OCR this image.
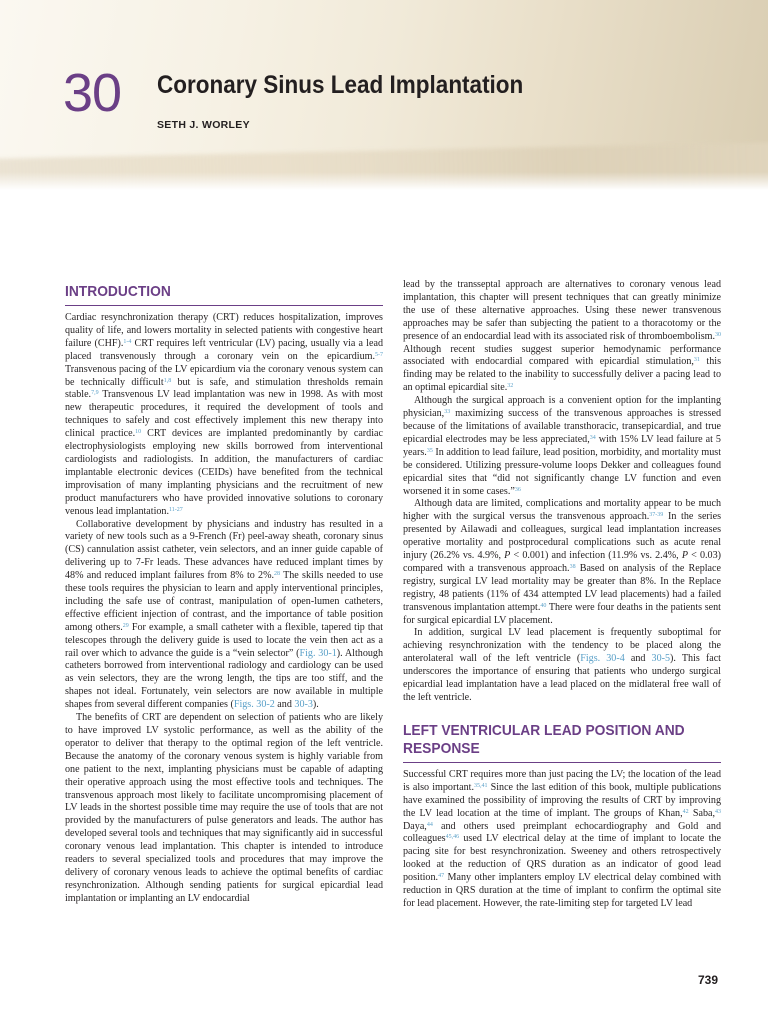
30 Coronary Sinus Lead Implantation
SETH J. WORLEY
INTRODUCTION

Cardiac resynchronization therapy (CRT) reduces hospitalization, improves quality of life, and lowers mortality in selected patients with congestive heart failure (CHF).$^{1-4}$ CRT requires left ventricular (LV) pacing, usually via a lead placed transvenously through a coronary vein on the epicardium.$^{5-7}$ Transvenous pacing of the LV epicardium via the coronary venous system can be technically difficult$^{1,8}$ but is safe, and stimulation thresholds remain stable.$^{7,9}$ Transvenous LV lead implantation was new in 1998. As with most new therapeutic procedures, it required the development of tools and techniques to safely and cost effectively implement this new therapy into clinical practice.$^{10}$ CRT devices are implanted predominantly by cardiac electrophysiologists employing new skills borrowed from interventional cardiologists and radiologists. In addition, the manufacturers of cardiac implantable electronic devices (CEIDs) have benefited from the technical improvisation of many implanting physicians and the recruitment of new product manufacturers who have provided innovative solutions to coronary venous lead implantation.$^{11-27}$

Collaborative development by physicians and industry has resulted in a variety of new tools such as a 9-French (Fr) peel-away sheath, coronary sinus (CS) cannulation assist catheter, vein selectors, and an inner guide capable of delivering up to 7-Fr leads. These advances have reduced implant times by 48% and reduced implant failures from 8% to 2%.$^{28}$ The skills needed to use these tools requires the physician to learn and apply interventional principles, including the safe use of contrast, manipulation of open-lumen catheters, effective efficient injection of contrast, and the importance of table position among others.$^{29}$ For example, a small catheter with a flexible, tapered tip that telescopes through the delivery guide is used to locate the vein then act as a rail over which to advance the guide is a “vein selector” (Fig. 30-1). Although catheters borrowed from interventional radiology and cardiology can be used as vein selectors, they are the wrong length, the tips are too stiff, and the shapes not ideal. Fortunately, vein selectors are now available in multiple shapes from several different companies (Figs. 30-2 and 30-3).

The benefits of CRT are dependent on selection of patients who are likely to have improved LV systolic performance, as well as the ability of the operator to deliver that therapy to the optimal region of the left ventricle. Because the anatomy of the coronary venous system is highly variable from one patient to the next, implanting physicians must be capable of adapting their operative approach using the most effective tools and techniques. The transvenous approach most likely to facilitate uncompromising placement of LV leads in the shortest possible time may require the use of tools that are not provided by the manufacturers of pulse generators and leads. The author has developed several tools and techniques that may significantly aid in successful coronary venous lead implantation. This chapter is intended to introduce readers to several specialized tools and procedures that may improve the delivery of coronary venous leads to achieve the optimal benefits of cardiac resynchronization. Although sending patients for surgical epicardial lead implantation or implanting an LV endocardial

lead by the transseptal approach are alternatives to coronary venous lead implantation, this chapter will present techniques that can greatly minimize the use of these alternative approaches. Using these newer transvenous approaches may be safer than subjecting the patient to a thoracotomy or the presence of an endocardial lead with its associated risk of thromboembolism.$^{30}$ Although recent studies suggest superior hemodynamic performance associated with endocardial compared with epicardial stimulation,$^{31}$ this finding may be related to the inability to successfully deliver a pacing lead to an optimal epicardial site.$^{32}$

Although the surgical approach is a convenient option for the implanting physician,$^{33}$ maximizing success of the transvenous approaches is stressed because of the limitations of available transthoracic, transepicardial, and true epicardial electrodes may be less appreciated,$^{34}$ with 15% LV lead failure at 5 years.$^{35}$ In addition to lead failure, lead position, morbidity, and mortality must be considered. Utilizing pressure-volume loops Dekker and colleagues found epicardial sites that “did not significantly change LV function and even worsened it in some cases.”$^{36}$

Although data are limited, complications and mortality appear to be much higher with the surgical versus the transvenous approach.$^{37-39}$ In the series presented by Ailawadi and colleagues, surgical lead implantation increases operative mortality and postprocedural complications such as acute renal injury (26.2% vs. 4.9%, P < 0.001) and infection (11.9% vs. 2.4%, P < 0.03) compared with a transvenous approach.$^{38}$ Based on analysis of the Replace registry, surgical LV lead mortality may be greater than 8%. In the Replace registry, 48 patients (11% of 434 attempted LV lead placements) had a failed transvenous implantation attempt.$^{40}$ There were four deaths in the patients sent for surgical epicardial LV placement.

In addition, surgical LV lead placement is frequently suboptimal for achieving resynchronization with the tendency to be placed along the anterolateral wall of the left ventricle (Figs. 30-4 and 30-5). This fact underscores the importance of ensuring that patients who undergo surgical epicardial lead implantation have a lead placed on the midlateral free wall of the left ventricle.

LEFT VENTRICULAR LEAD POSITION AND RESPONSE

Successful CRT requires more than just pacing the LV; the location of the lead is also important.$^{35,41}$ Since the last edition of this book, multiple publications have examined the possibility of improving the results of CRT by improving the LV lead location at the time of implant. The groups of Khan,$^{42}$ Saba,$^{43}$ Daya,$^{44}$ and others used preimplant echocardiography and Gold and colleagues$^{45,46}$ used LV electrical delay at the time of implant to locate the pacing site for best resynchronization. Sweeney and others retrospectively looked at the reduction of QRS duration as an indicator of good lead position.$^{47}$ Many other implanters employ LV electrical delay combined with reduction in QRS duration at the time of implant to confirm the optimal site for lead placement. However, the rate-limiting step for targeted LV lead

739
